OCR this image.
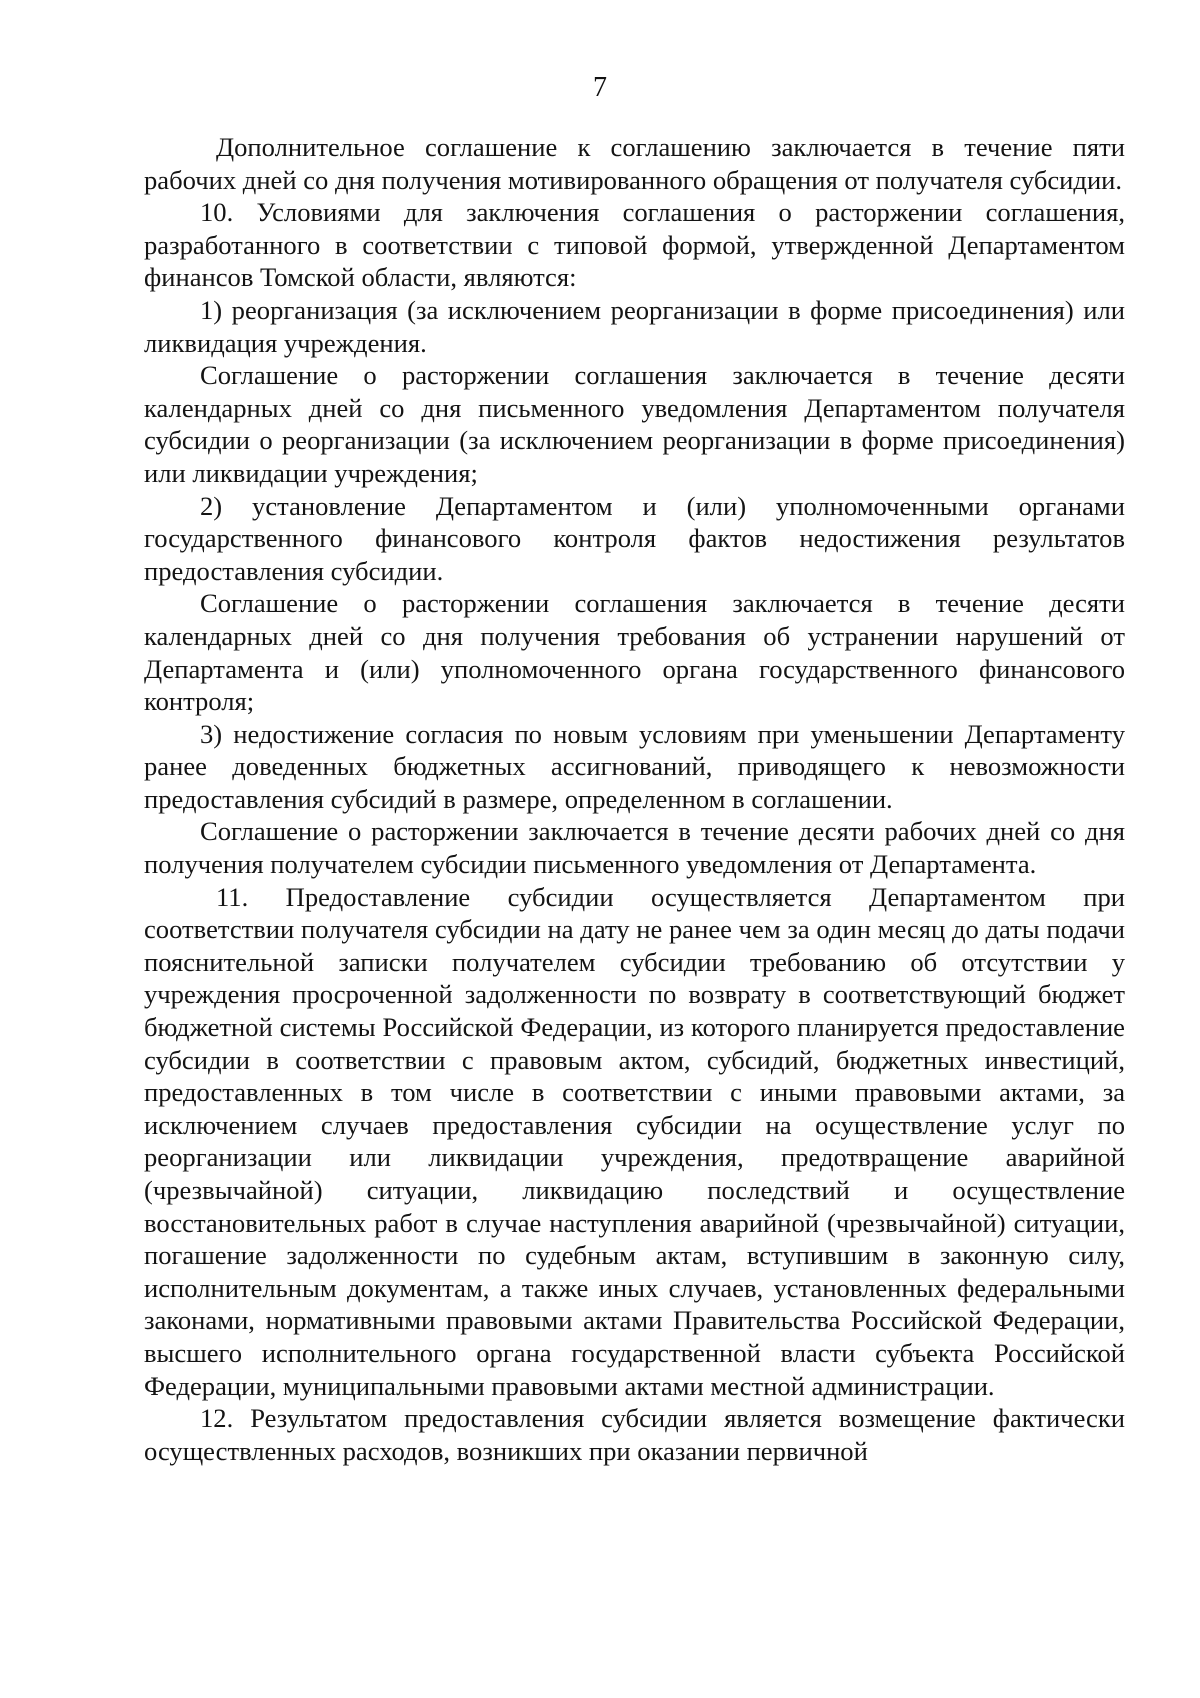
7

Дополнительное соглашение к соглашению заключается в течение пяти рабочих дней со дня получения мотивированного обращения от получателя субсидии.

10. Условиями для заключения соглашения о расторжении соглашения, разработанного в соответствии с типовой формой, утвержденной Департаментом финансов Томской области, являются:

1) реорганизация (за исключением реорганизации в форме присоединения) или ликвидация учреждения.

Соглашение о расторжении соглашения заключается в течение десяти календарных дней со дня письменного уведомления Департаментом получателя субсидии о реорганизации (за исключением реорганизации в форме присоединения) или ликвидации учреждения;

2) установление Департаментом и (или) уполномоченными органами государственного финансового контроля фактов недостижения результатов предоставления субсидии.

Соглашение о расторжении соглашения заключается в течение десяти календарных дней со дня получения требования об устранении нарушений от Департамента и (или) уполномоченного органа государственного финансового контроля;

3) недостижение согласия по новым условиям при уменьшении Департаменту ранее доведенных бюджетных ассигнований, приводящего к невозможности предоставления субсидий в размере, определенном в соглашении.

Соглашение о расторжении заключается в течение десяти рабочих дней со дня получения получателем субсидии письменного уведомления от Департамента.

11. Предоставление субсидии осуществляется Департаментом при соответствии получателя субсидии на дату не ранее чем за один месяц до даты подачи пояснительной записки получателем субсидии требованию об отсутствии у учреждения просроченной задолженности по возврату в соответствующий бюджет бюджетной системы Российской Федерации, из которого планируется предоставление субсидии в соответствии с правовым актом, субсидий, бюджетных инвестиций, предоставленных в том числе в соответствии с иными правовыми актами, за исключением случаев предоставления субсидии на осуществление услуг по реорганизации или ликвидации учреждения, предотвращение аварийной (чрезвычайной) ситуации, ликвидацию последствий и осуществление восстановительных работ в случае наступления аварийной (чрезвычайной) ситуации, погашение задолженности по судебным актам, вступившим в законную силу, исполнительным документам, а также иных случаев, установленных федеральными законами, нормативными правовыми актами Правительства Российской Федерации, высшего исполнительного органа государственной власти субъекта Российской Федерации, муниципальными правовыми актами местной администрации.

12. Результатом предоставления субсидии является возмещение фактически осуществленных расходов, возникших при оказании первичной
